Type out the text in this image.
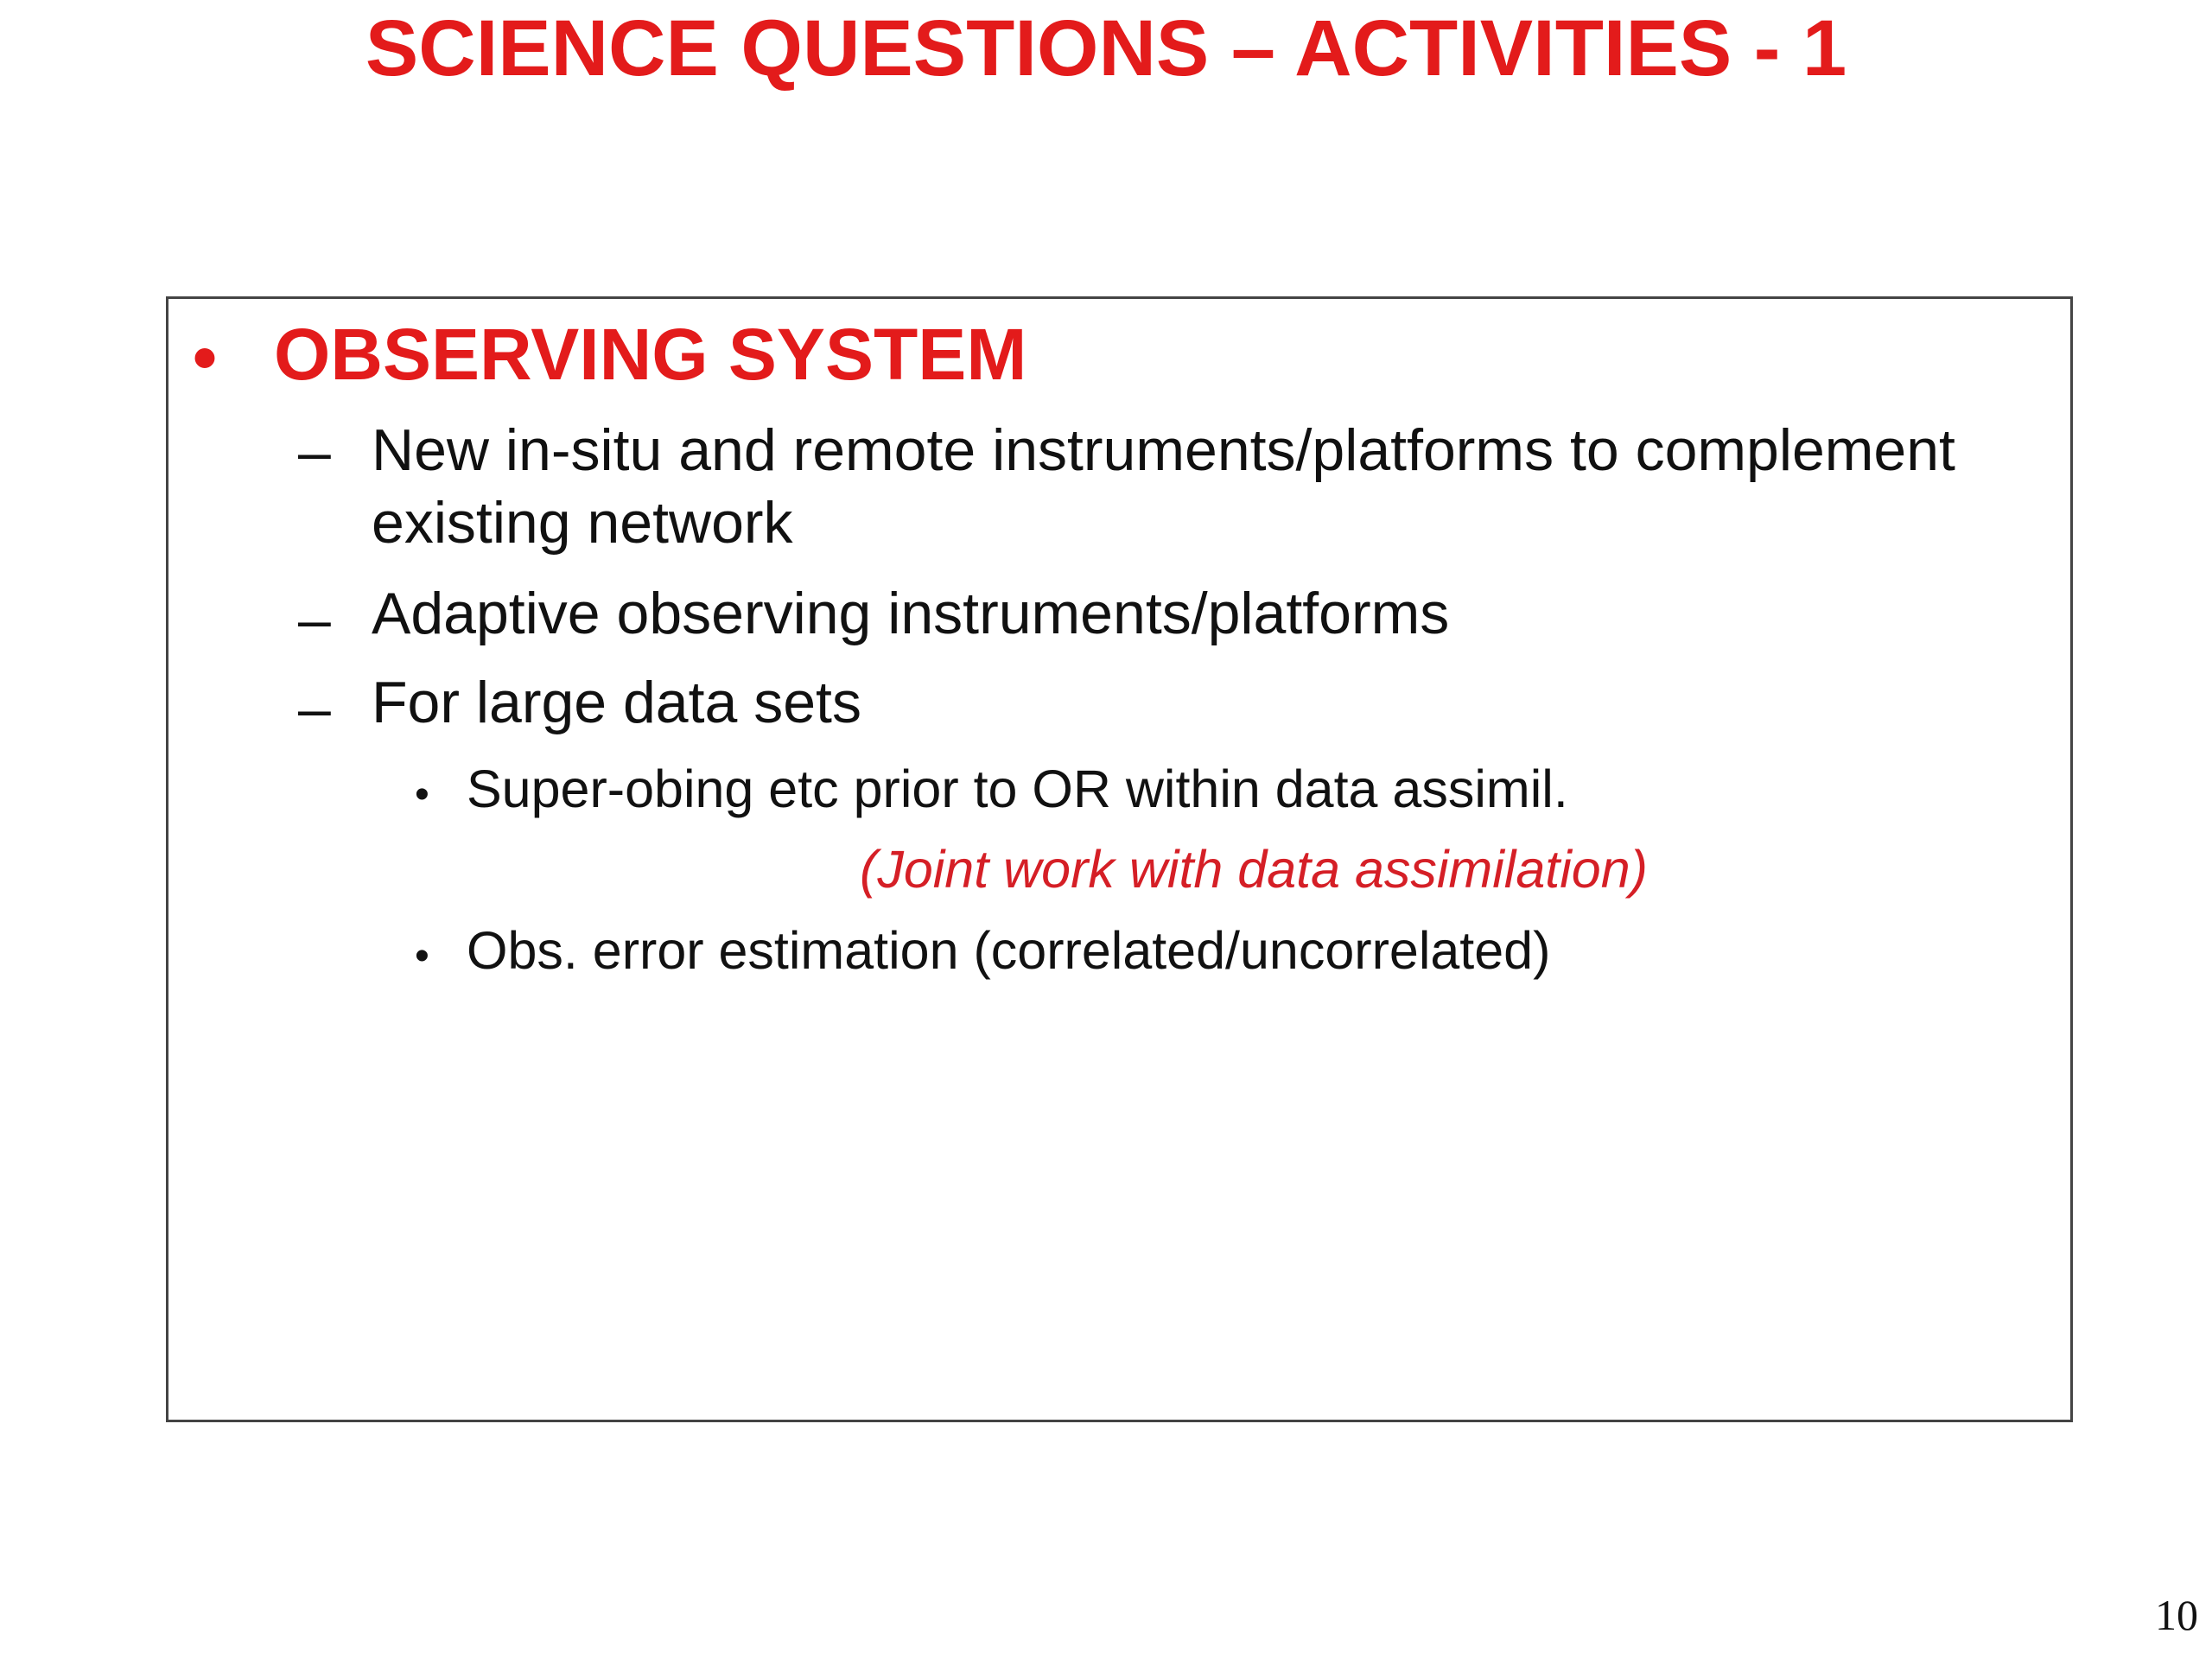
SCIENCE QUESTIONS – ACTIVITIES - 1
• OBSERVING SYSTEM
– New in-situ and remote instruments/platforms to complement
existing network
– Adaptive observing instruments/platforms
– For large data sets
• Super-obing etc prior to OR within data assimil.
(Joint work with data assimilation)
• Obs. error estimation (correlated/uncorrelated)
10
